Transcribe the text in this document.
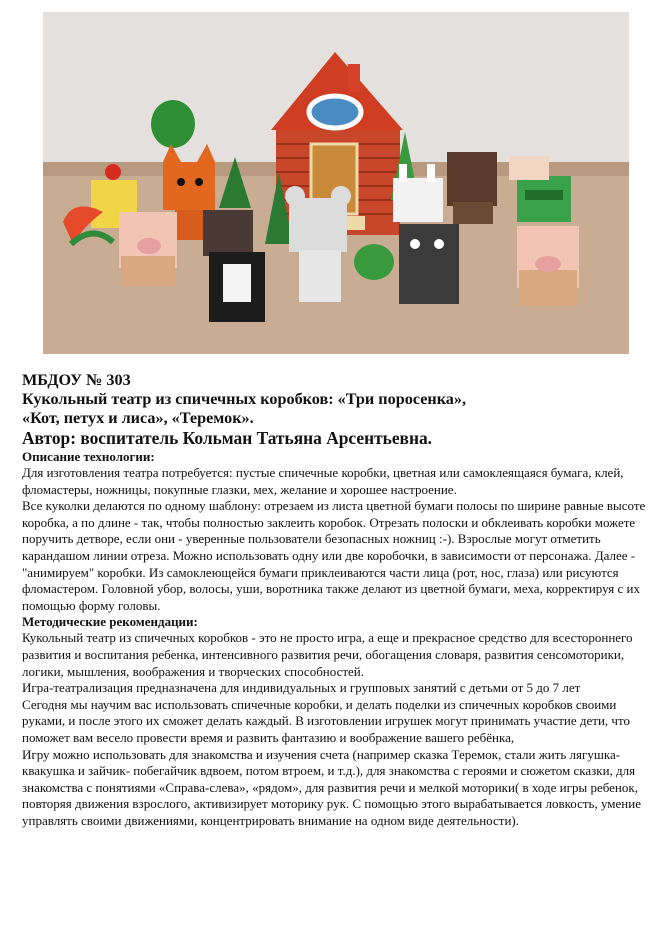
МБДОУ № 303

Кукольный театр из спичечных коробков: «Три поросенка»,

«Кот, петух и лиса», «Теремок».

Автор: воспитатель Кольман Татьяна Арсентьевна.

Описание технологии:

Для изготовления театра потребуется: пустые спичечные коробки, цветная или самоклеящаяся бумага, клей, фломастеры, ножницы, покупные глазки, мех, желание и хорошее настроение.

Все куколки делаются по одному шаблону: отрезаем из листа цветной бумаги полосы по ширине равные высоте коробка, а по длине - так, чтобы полностью заклеить коробок. Отрезать полоски и обклеивать коробки можете поручить детворе, если они - уверенные пользователи безопасных ножниц :-). Взрослые могут отметить карандашом линии отреза. Можно использовать одну или две коробочки, в зависимости от персонажа. Далее - "анимируем" коробки. Из самоклеющейся бумаги приклеиваются части лица (рот, нос, глаза) или рисуются фломастером. Головной убор, волосы, уши, воротника также делают из цветной бумаги, меха, корректируя с их помощью форму головы.

Методические рекомендации:

Кукольный театр из спичечных коробков - это не просто игра, а еще и прекрасное средство для всестороннего развития и воспитания ребенка, интенсивного развития речи, обогащения словаря, развития сенсомоторики, логики, мышления, воображения и творческих способностей.

Игра-театрализация предназначена для индивидуальных и групповых занятий с детьми от 5 до 7 лет

Сегодня мы научим вас использовать спичечные коробки, и делать поделки из спичечных коробков своими руками, и после этого их сможет делать каждый. В изготовлении игрушек могут принимать участие дети, что поможет вам весело провести время и развить фантазию и воображение вашего ребёнка,

Игру можно использовать для знакомства и изучения счета (например сказка Теремок, стали жить лягушка-квакушка и зайчик- побегайчик вдвоем, потом втроем, и т.д.), для знакомства с героями и сюжетом сказки, для знакомства с понятиями «Справа-слева», «рядом», для развития речи и мелкой моторики( в ходе игры ребенок, повторяя движения взрослого, активизирует моторику рук. С помощью этого вырабатывается ловкость, умение управлять своими движениями, концентрировать внимание на одном виде деятельности).
